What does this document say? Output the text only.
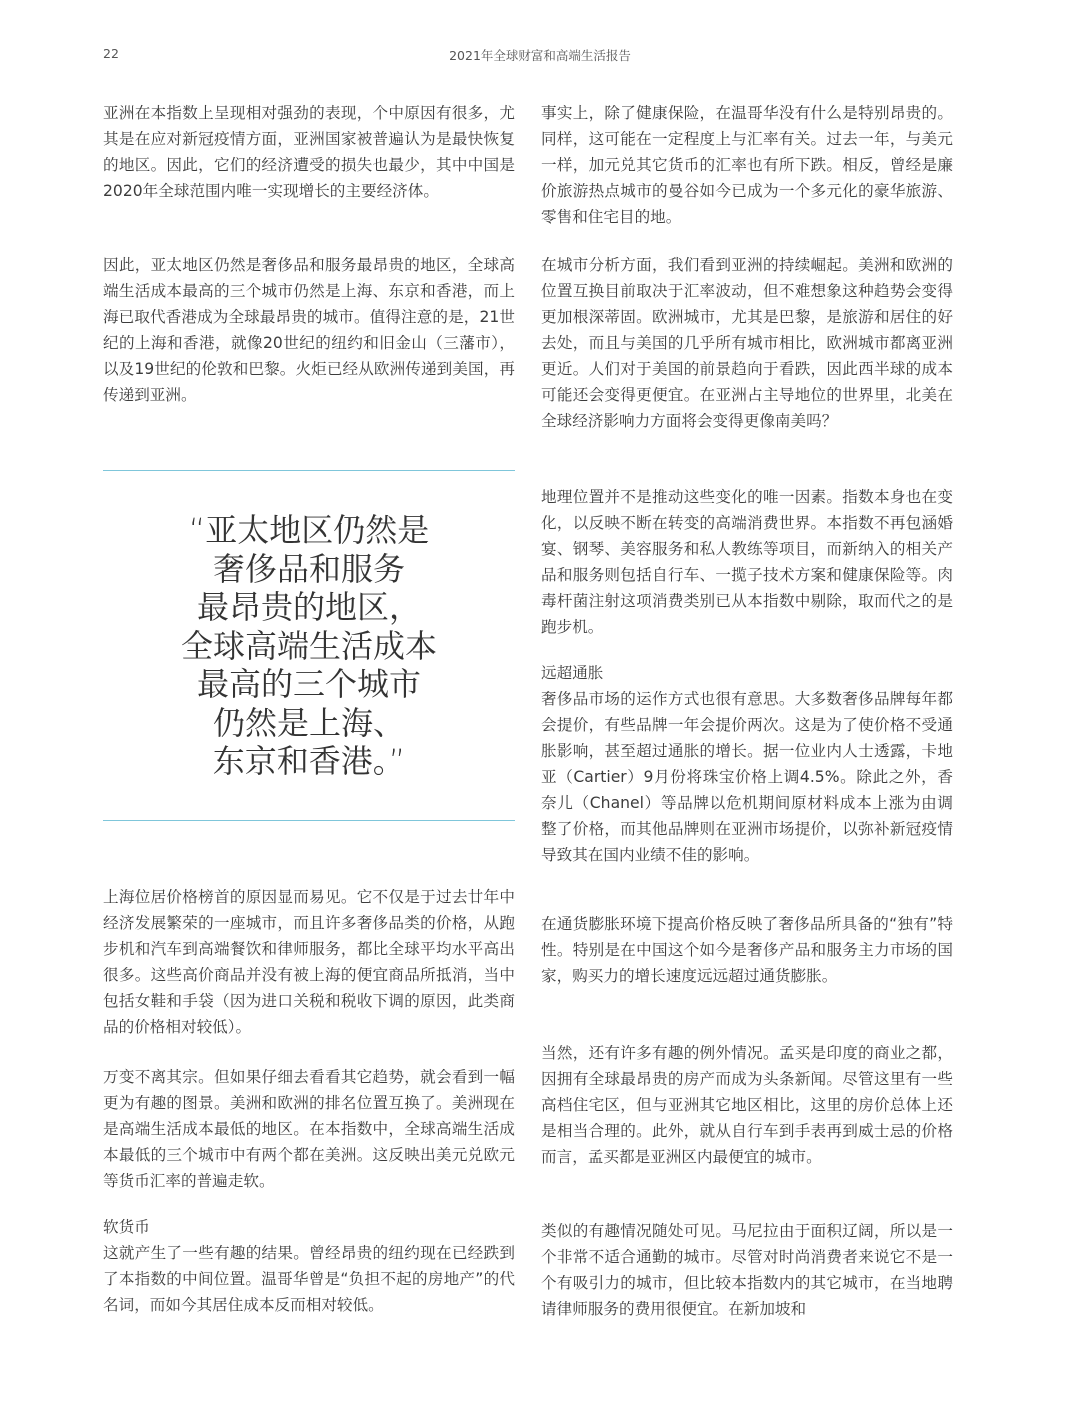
22	2021年全球财富和高端生活报告

亚洲在本指数上呈现相对强劲的表现，个中原因有很多，尤其是在应对新冠疫情方面，亚洲国家被普遍认为是最快恢复的地区。因此，它们的经济遭受的损失也最少，其中中国是2020年全球范围内唯一实现增长的主要经济体。

因此，亚太地区仍然是奢侈品和服务最昂贵的地区，全球高端生活成本最高的三个城市仍然是上海、东京和香港，而上海已取代香港成为全球最昂贵的城市。值得注意的是，21世纪的上海和香港，就像20世纪的纽约和旧金山（三藩市），以及19世纪的伦敦和巴黎。火炬已经从欧洲传递到美国，再传递到亚洲。

“亚太地区仍然是
奢侈品和服务
最昂贵的地区，
全球高端生活成本
最高的三个城市
仍然是上海、
东京和香港。”

上海位居价格榜首的原因显而易见。它不仅是于过去廿年中经济发展繁荣的一座城市，而且许多奢侈品类的价格，从跑步机和汽车到高端餐饮和律师服务，都比全球平均水平高出很多。这些高价商品并没有被上海的便宜商品所抵消，当中包括女鞋和手袋（因为进口关税和税收下调的原因，此类商品的价格相对较低）。

万变不离其宗。但如果仔细去看看其它趋势，就会看到一幅更为有趣的图景。美洲和欧洲的排名位置互换了。美洲现在是高端生活成本最低的地区。在本指数中，全球高端生活成本最低的三个城市中有两个都在美洲。这反映出美元兑欧元等货币汇率的普遍走软。

软货币
这就产生了一些有趣的结果。曾经昂贵的纽约现在已经跌到了本指数的中间位置。温哥华曾是“负担不起的房地产”的代名词，而如今其居住成本反而相对较低。

事实上，除了健康保险，在温哥华没有什么是特别昂贵的。同样，这可能在一定程度上与汇率有关。过去一年，与美元一样，加元兑其它货币的汇率也有所下跌。相反，曾经是廉价旅游热点城市的曼谷如今已成为一个多元化的豪华旅游、零售和住宅目的地。

在城市分析方面，我们看到亚洲的持续崛起。美洲和欧洲的位置互换目前取决于汇率波动，但不难想象这种趋势会变得更加根深蒂固。欧洲城市，尤其是巴黎，是旅游和居住的好去处，而且与美国的几乎所有城市相比，欧洲城市都离亚洲更近。人们对于美国的前景趋向于看跌，因此西半球的成本可能还会变得更便宜。在亚洲占主导地位的世界里，北美在全球经济影响力方面将会变得更像南美吗？

地理位置并不是推动这些变化的唯一因素。指数本身也在变化，以反映不断在转变的高端消费世界。本指数不再包涵婚宴、钢琴、美容服务和私人教练等项目，而新纳入的相关产品和服务则包括自行车、一揽子技术方案和健康保险等。肉毒杆菌注射这项消费类别已从本指数中剔除，取而代之的是跑步机。

远超通胀
奢侈品市场的运作方式也很有意思。大多数奢侈品牌每年都会提价，有些品牌一年会提价两次。这是为了使价格不受通胀影响，甚至超过通胀的增长。据一位业内人士透露，卡地亚（Cartier）9月份将珠宝价格上调4.5%。除此之外，香奈儿（Chanel）等品牌以危机期间原材料成本上涨为由调整了价格，而其他品牌则在亚洲市场提价，以弥补新冠疫情导致其在国内业绩不佳的影响。

在通货膨胀环境下提高价格反映了奢侈品所具备的“独有”特性。特别是在中国这个如今是奢侈产品和服务主力市场的国家，购买力的增长速度远远超过通货膨胀。

当然，还有许多有趣的例外情况。孟买是印度的商业之都，因拥有全球最昂贵的房产而成为头条新闻。尽管这里有一些高档住宅区，但与亚洲其它地区相比，这里的房价总体上还是相当合理的。此外，就从自行车到手表再到威士忌的价格而言，孟买都是亚洲区内最便宜的城市。

类似的有趣情况随处可见。马尼拉由于面积辽阔，所以是一个非常不适合通勤的城市。尽管对时尚消费者来说它不是一个有吸引力的城市，但比较本指数内的其它城市，在当地聘请律师服务的费用很便宜。在新加坡和
